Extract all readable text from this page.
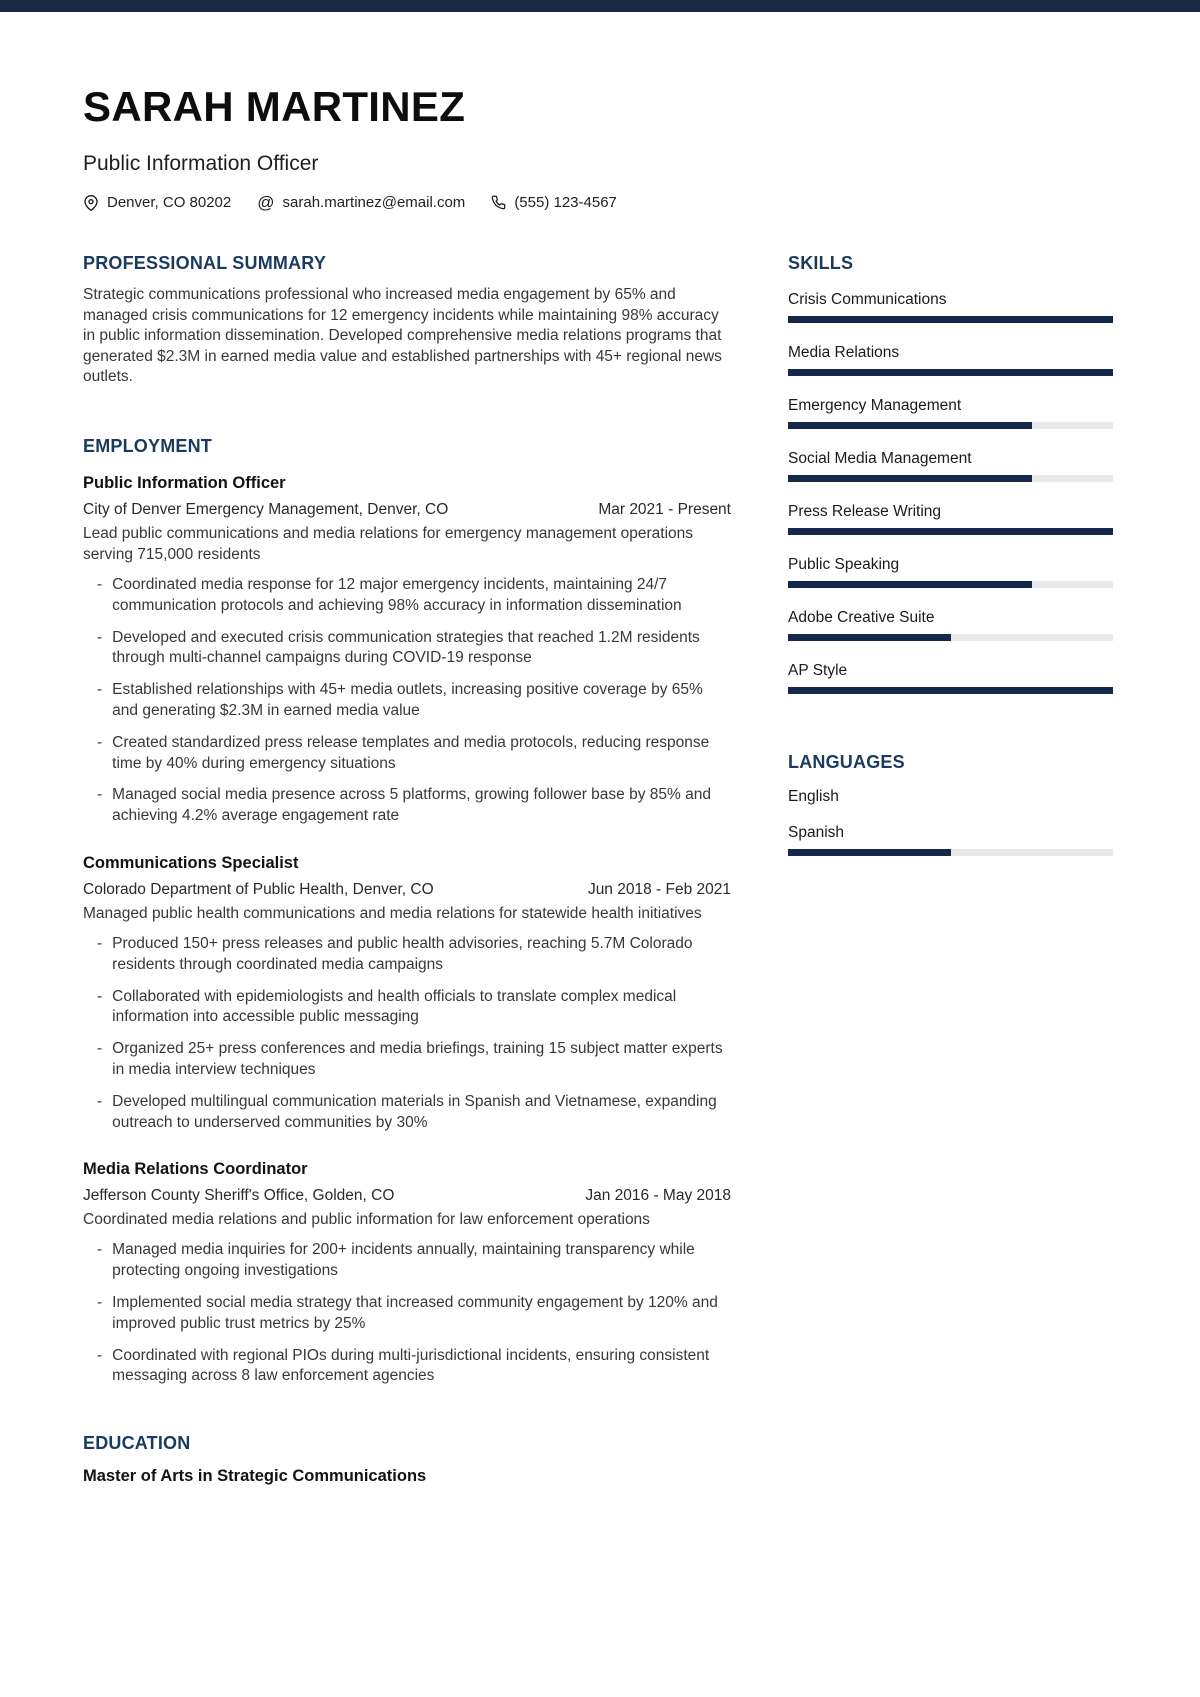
SARAH MARTINEZ
Public Information Officer
Denver, CO 80202 @ sarah.martinez@email.com	(555) 123-4567
PROFESSIONAL SUMMARY
Strategic communications professional who increased media engagement by 65% and managed crisis communications for 12 emergency incidents while maintaining 98% accuracy in public information dissemination. Developed comprehensive media relations programs that generated $2.3M in earned media value and established partnerships with 45+ regional news outlets.
EMPLOYMENT
Public Information Officer
City of Denver Emergency Management, Denver, CO	Mar 2021 - Present
Lead public communications and media relations for emergency management operations serving 715,000 residents
- Coordinated media response for 12 major emergency incidents, maintaining 24/7 communication protocols and achieving 98% accuracy in information dissemination
- Developed and executed crisis communication strategies that reached 1.2M residents through multi-channel campaigns during COVID-19 response
- Established relationships with 45+ media outlets, increasing positive coverage by 65% and generating $2.3M in earned media value
- Created standardized press release templates and media protocols, reducing response time by 40% during emergency situations
- Managed social media presence across 5 platforms, growing follower base by 85% and achieving 4.2% average engagement rate
Communications Specialist
Colorado Department of Public Health, Denver, CO	Jun 2018 - Feb 2021
Managed public health communications and media relations for statewide health initiatives
- Produced 150+ press releases and public health advisories, reaching 5.7M Colorado residents through coordinated media campaigns
- Collaborated with epidemiologists and health officials to translate complex medical information into accessible public messaging
- Organized 25+ press conferences and media briefings, training 15 subject matter experts in media interview techniques
- Developed multilingual communication materials in Spanish and Vietnamese, expanding outreach to underserved communities by 30%
Media Relations Coordinator
Jefferson County Sheriff's Office, Golden, CO	Jan 2016 - May 2018
Coordinated media relations and public information for law enforcement operations
- Managed media inquiries for 200+ incidents annually, maintaining transparency while protecting ongoing investigations
- Implemented social media strategy that increased community engagement by 120% and improved public trust metrics by 25%
- Coordinated with regional PIOs during multi-jurisdictional incidents, ensuring consistent messaging across 8 law enforcement agencies
EDUCATION
Master of Arts in Strategic Communications
SKILLS
Crisis Communications
Media Relations
Emergency Management
Social Media Management
Press Release Writing
Public Speaking
Adobe Creative Suite
AP Style
LANGUAGES
English
Spanish
